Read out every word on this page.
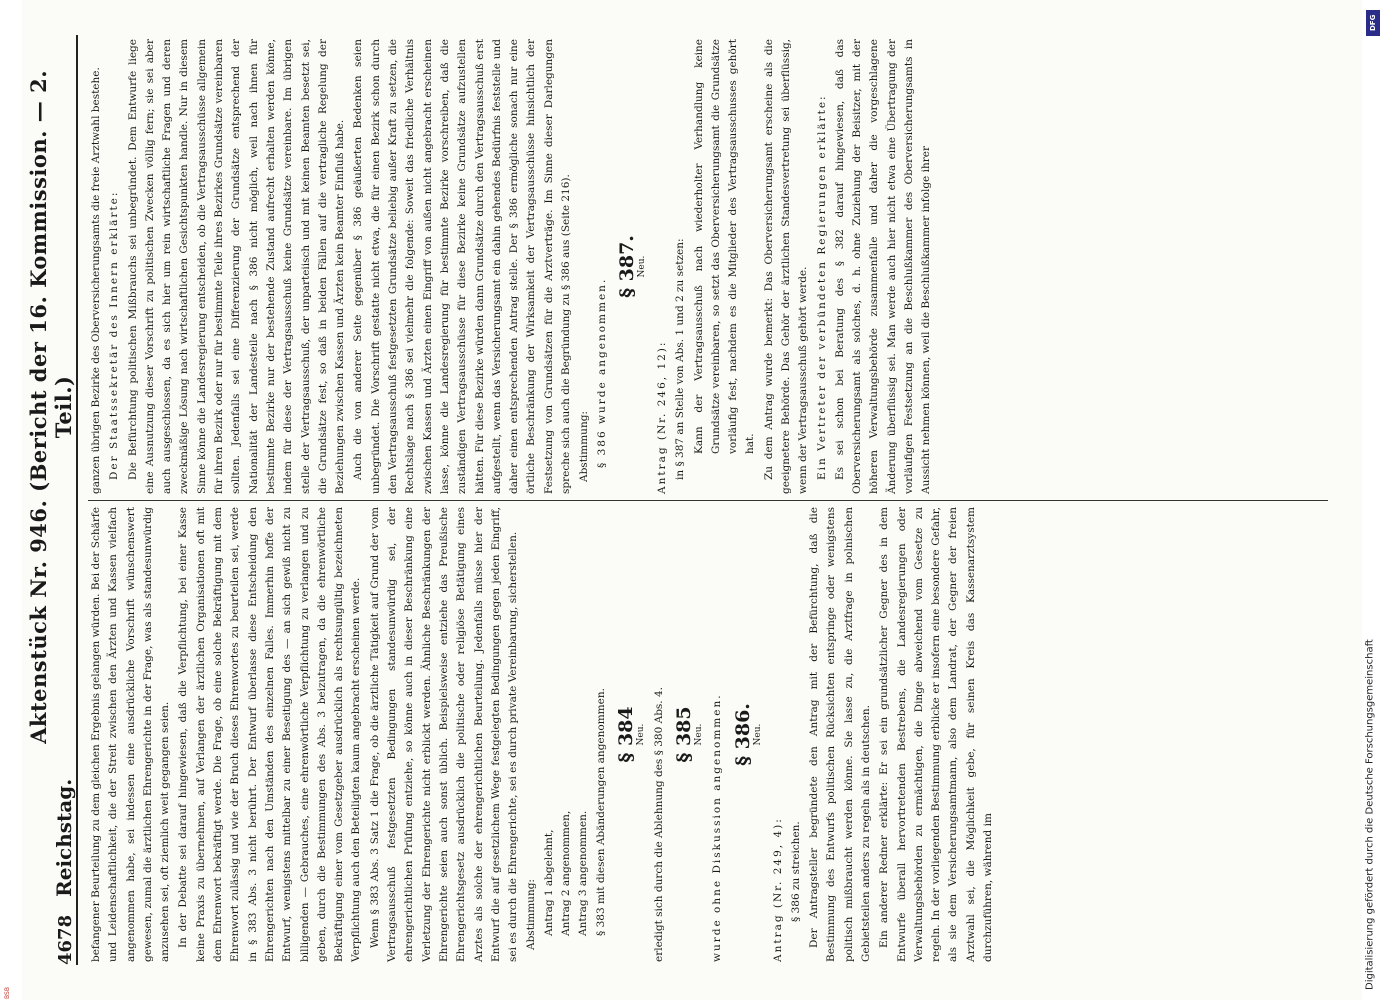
4678
Reichstag.
Aktenstück Nr. 946. (Bericht der 16. Kommission. — 2. Teil.)

befangener Beurteilung zu dem gleichen Ergebnis gelangen würden. Bei der Schärfe und Leidenschaftlichkeit, die der Streit zwischen den Ärzten und Kassen vielfach angenommen habe, sei indessen eine ausdrückliche Vorschrift wünschenswert gewesen, zumal die ärztlichen Ehrengerichte in der Frage, was als standesunwürdig anzusehen sei, oft ziemlich weit gegangen seien. In der Debatte sei darauf hingewiesen, daß die Verpflichtung, bei einer Kasse keine Praxis zu übernehmen, auf Verlangen der ärztlichen Organisationen oft mit dem Ehrenwort bekräftigt werde. Die Frage, ob eine solche Bekräftigung mit dem Ehrenwort zulässig und wie der Bruch dieses Ehrenwortes zu beurteilen sei, werde in § 383 Abs. 3 nicht berührt. Der Entwurf überlasse diese Entscheidung den Ehrengerichten nach den Umständen des einzelnen Falles. Immerhin hoffe der Entwurf, wenigstens mittelbar zu einer Beseitigung des — an sich gewiß nicht zu billigenden — Gebrauches, eine ehrenwörtliche Verpflichtung zu verlangen und zu geben, durch die Bestimmungen des Abs. 3 beizutragen, da die ehrenwörtliche Bekräftigung einer vom Gesetzgeber ausdrücklich als rechtsungültig bezeichneten Verpflichtung auch den Beteiligten kaum angebracht erscheinen werde. Wenn § 383 Abs. 3 Satz 1 die Frage, ob die ärztliche Tätigkeit auf Grund der vom Vertragsausschuß festgesetzten Bedingungen standesunwürdig sei, der ehrengerichtlichen Prüfung entziehe, so könne auch in dieser Beschränkung eine Verletzung der Ehrengerichte nicht erblickt werden. Ähnliche Beschränkungen der Ehrengerichte seien auch sonst üblich. Beispielsweise entziehe das Preußische Ehrengerichtsgesetz ausdrücklich die politische oder religiöse Betätigung eines Arztes als solche der ehrengerichtlichen Beurteilung. Jedenfalls müsse hier der Entwurf die auf gesetzlichem Wege festgelegten Bedingungen gegen jeden Eingriff, sei es durch die Ehrengerichte, sei es durch private Vereinbarung, sicherstellen. Abstimmung: Antrag 1 abgelehnt, Antrag 2 angenommen, Antrag 3 angenommen. § 383 mit diesen Abänderungen angenommen. § 384 Neu. erledigt sich durch die Ablehnung des § 380 Abs. 4. § 385 Neu. wurde ohne Diskussion angenommen. § 386. Neu.

Antrag (Nr. 249, 4): § 386 zu streichen. Der Antragsteller begründete den Antrag mit der Befürchtung, daß die Bestimmung des Entwurfs politischen Rücksichten entspringe oder wenigstens politisch mißbraucht werden könne. Sie lasse zu, die Arztfrage in polnischen Gebietsteilen anders zu regeln als in deutschen. Ein anderer Redner erklärte: Er sei ein grundsätzlicher Gegner des in dem Entwurfe überall hervortretenden Bestrebens, die Landesregierungen oder Verwaltungsbehörden zu ermächtigen, die Dinge abweichend vom Gesetze zu regeln. In der vorliegenden Bestimmung erblicke er insofern eine besondere Gefahr, als sie dem Versicherungsamtmann, also dem Landrat, der Gegner der freien Arztwahl sei, die Möglichkeit gebe, für seinen Kreis das Kassenarztsystem durchzuführen, während im

ganzen übrigen Bezirke des Oberversicherungsamts die freie Arztwahl bestehe. Der Staatssekretär des Innern erklärte: Die Befürchtung politischen Mißbrauchs sei unbegründet. Dem Entwurfe liege eine Ausnutzung dieser Vorschrift zu politischen Zwecken völlig fern; sie sei aber auch ausgeschlossen, da es sich hier um rein wirtschaftliche Fragen und deren zweckmäßige Lösung nach wirtschaftlichen Gesichtspunkten handle. Nur in diesem Sinne könne die Landesregierung entscheiden, ob die Vertragsausschüsse allgemein für ihren Bezirk oder nur für bestimmte Teile ihres Bezirkes Grundsätze vereinbaren sollten. Jedenfalls sei eine Differenzierung der Grundsätze entsprechend der Nationalität der Landesteile nach § 386 nicht möglich, weil nach ihnen für bestimmte Bezirke nur der bestehende Zustand aufrecht erhalten werden könne, indem für diese der Vertragsausschuß keine Grundsätze vereinbare. Im übrigen stelle der Vertragsausschuß, der unparteiisch und mit keinen Beamten besetzt sei, die Grundsätze fest, so daß in beiden Fällen auf die vertragliche Regelung der Beziehungen zwischen Kassen und Ärzten kein Beamter Einfluß habe. Auch die von anderer Seite gegenüber § 386 geäußerten Bedenken seien unbegründet. Die Vorschrift gestatte nicht etwa, die für einen Bezirk schon durch den Vertragsausschuß festgesetzten Grundsätze beliebig außer Kraft zu setzen, die Rechtslage nach § 386 sei vielmehr die folgende: Soweit das friedliche Verhältnis zwischen Kassen und Ärzten einen Eingriff von außen nicht angebracht erscheinen lasse, könne die Landesregierung für bestimmte Bezirke vorschreiben, daß die zuständigen Vertragsausschüsse für diese Bezirke keine Grundsätze aufzustellen hätten. Für diese Bezirke würden dann Grundsätze durch den Vertragsausschuß erst aufgestellt, wenn das Versicherungsamt ein dahin gehendes Bedürfnis feststelle und daher einen entsprechenden Antrag stelle. Der § 386 ermögliche sonach nur eine örtliche Beschränkung der Wirksamkeit der Vertragsausschüsse hinsichtlich der Festsetzung von Grundsätzen für die Arztverträge. Im Sinne dieser Darlegungen spreche sich auch die Begründung zu § 386 aus (Seite 216). Abstimmung: § 386 wurde angenommen.
§ 387. Neu.

Antrag (Nr. 246, 12): in § 387 an Stelle von Abs. 1 und 2 zu setzen: Kann der Vertragsausschuß nach wiederholter Verhandlung keine Grundsätze vereinbaren, so setzt das Oberversicherungsamt die Grundsätze vorläufig fest, nachdem es die Mitglieder des Vertragsausschusses gehört hat. Zu dem Antrag wurde bemerkt: Das Oberversicherungsamt erscheine als die geeignetere Behörde. Das Gehör der ärztlichen Standesvertretung sei überflüssig, wenn der Vertragsausschuß gehört werde. Ein Vertreter der verbündeten Regierungen erklärte: Es sei schon bei Beratung des § 382 darauf hingewiesen, daß das Oberversicherungsamt als solches, d. h. ohne Zuziehung der Beisitzer, mit der höheren Verwaltungsbehörde zusammenfalle und daher die vorgeschlagene Änderung überflüssig sei. Man werde auch hier nicht etwa eine Übertragung der vorläufigen Festsetzung an die Beschlußkammer des Oberversicherungsamts in Aussicht nehmen können, weil die Beschlußkammer infolge ihrer

Digitalisierung gefördert durch die Deutsche Forschungsgemeinschaft
DFG
BSB
